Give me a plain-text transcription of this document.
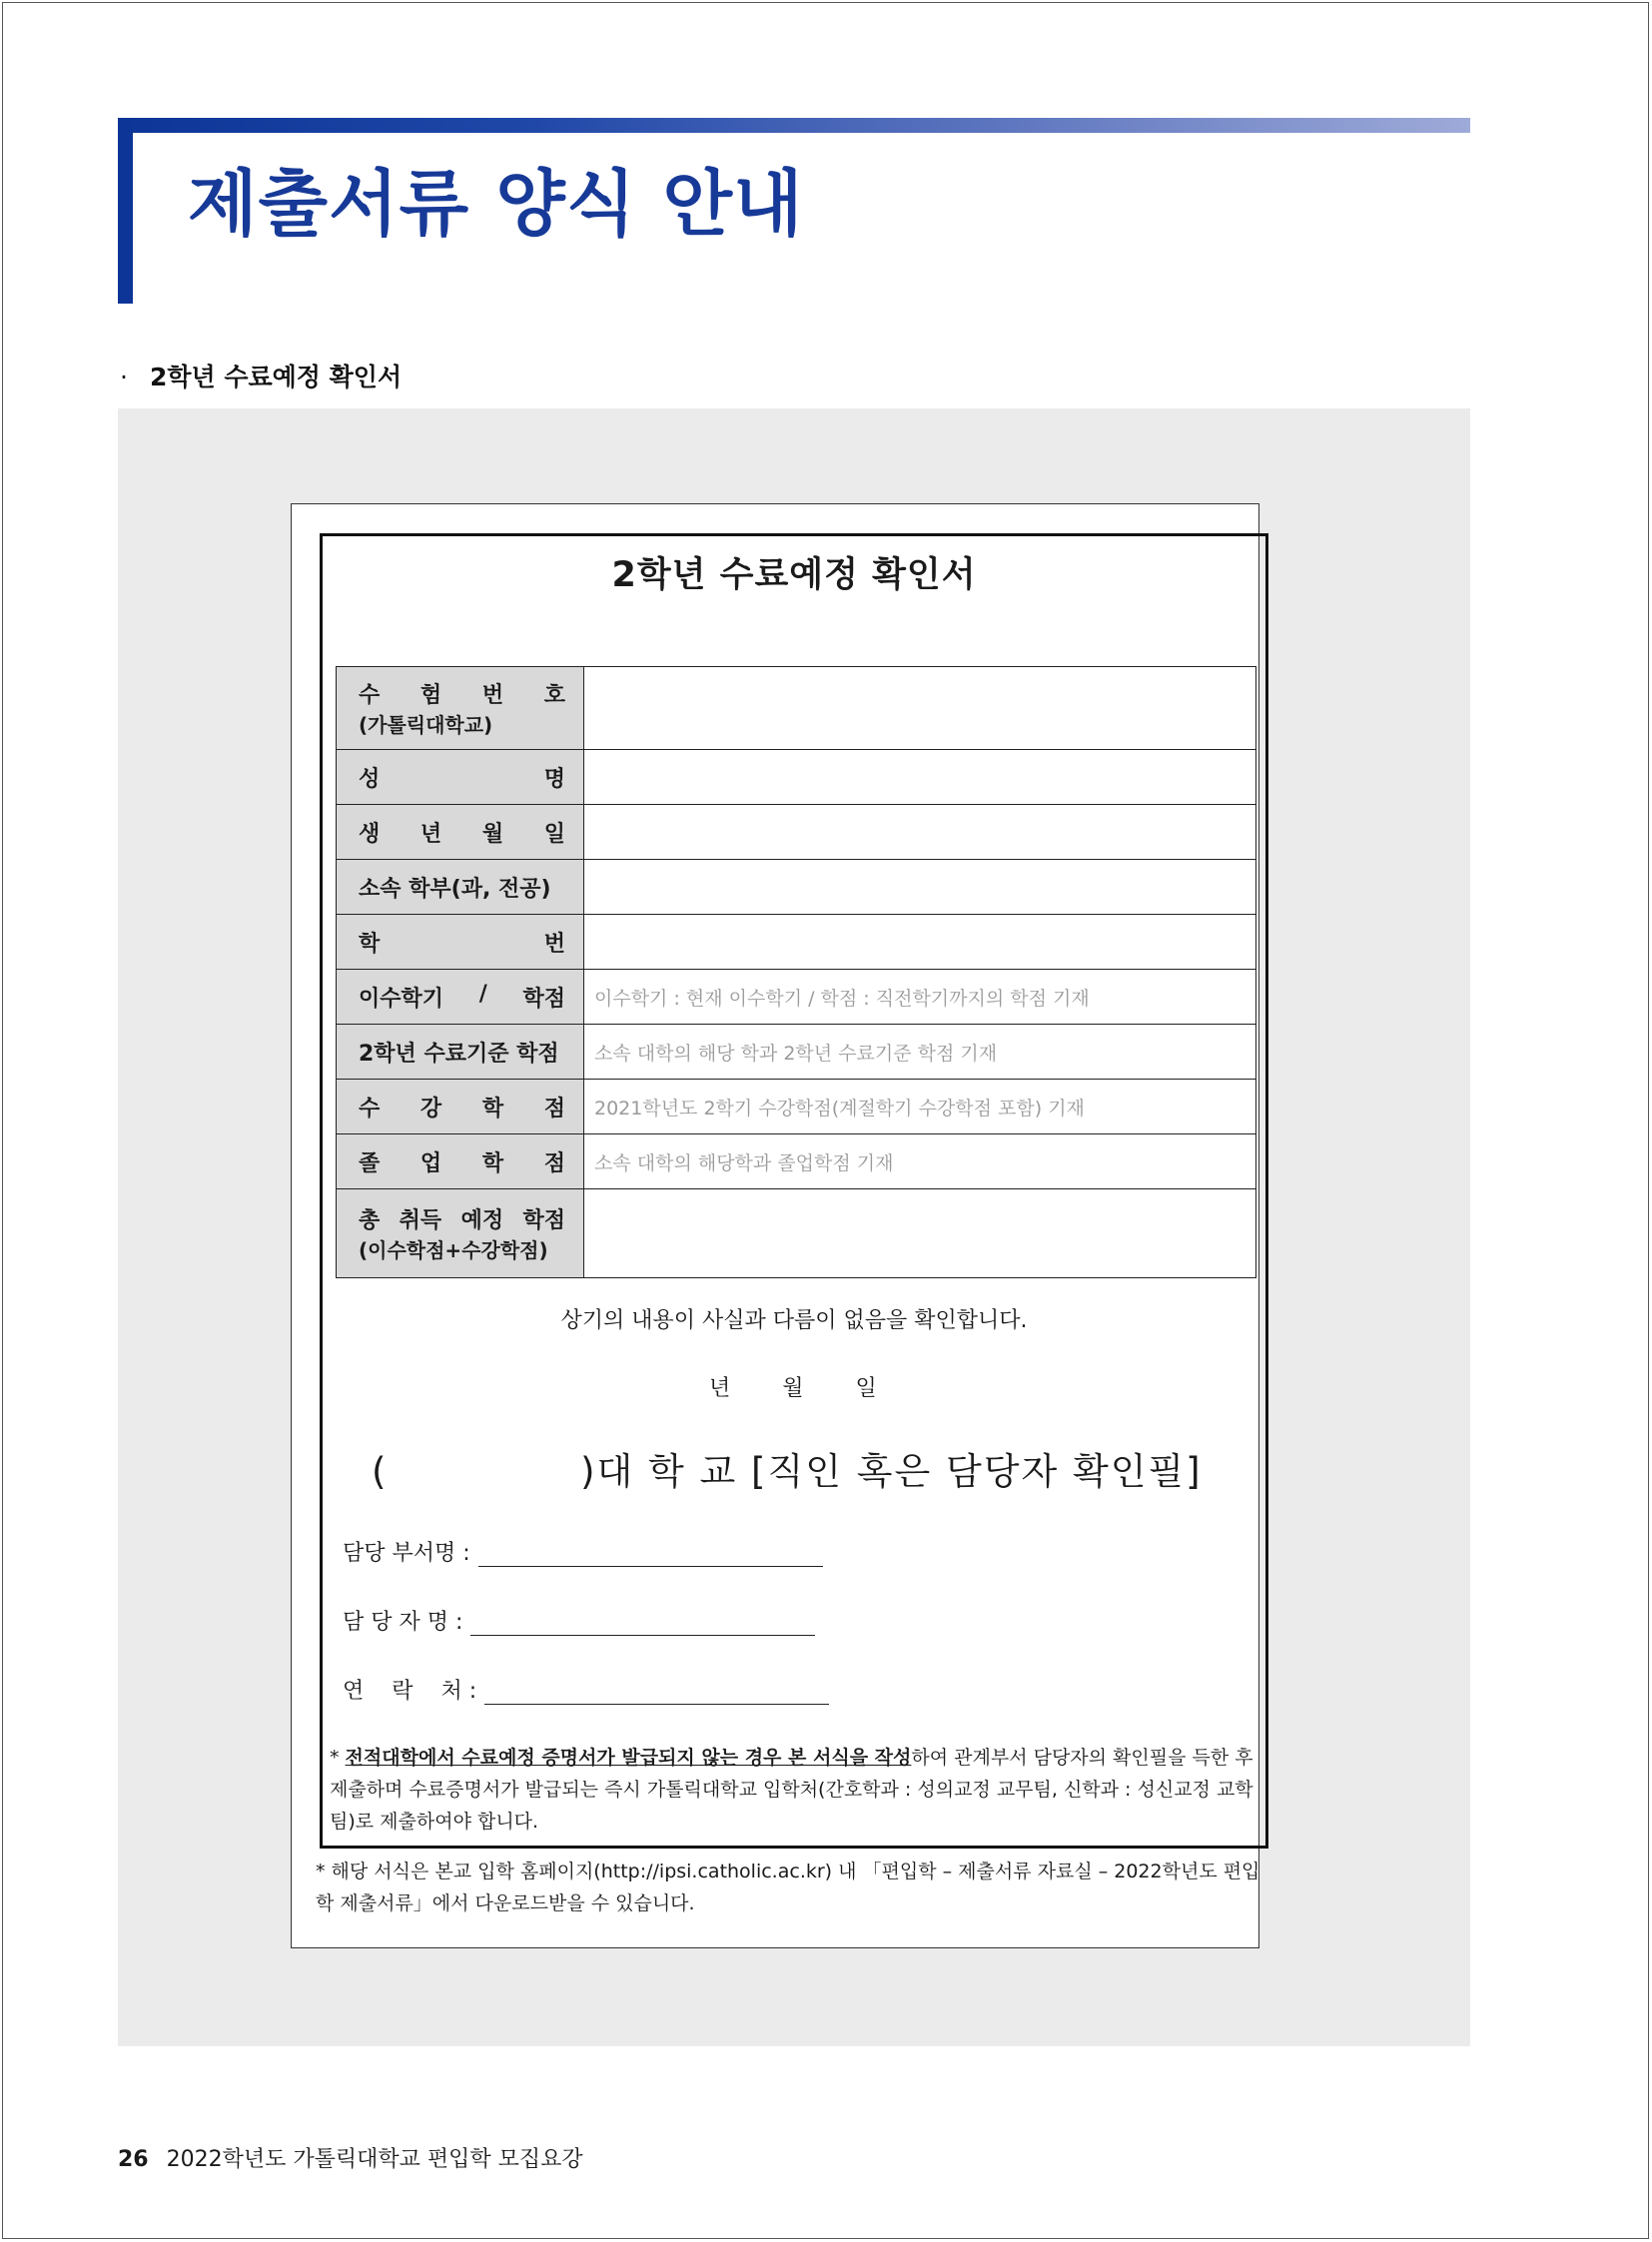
제출서류 양식 안내
· 2학년 수료예정 확인서
2학년 수료예정 확인서
수 험 번 호
(가톨릭대학교)	

성 명	

생 년 월 일	

소속 학부(과, 전공)	

학 번	

이수학기 / 학점	이수학기 : 현재 이수학기 / 학점 : 직전학기까지의 학점 기재
2학년 수료기준 학점	소속 대학의 해당 학과 2학년 수료기준 학점 기재

수 강 학 점	2021학년도 2학기 수강학점(계절학기 수강학점 포함) 기재

졸 업 학 점	소속 대학의 해당학과 졸업학점 기재

총 취득 예정 학점
(이수학점+수강학점)	

상기의 내용이 사실과 다름이 없음을 확인합니다.
년 월 일
(              )대 학 교 [직인 혹은 담당자 확인필]
담당 부서명 :
담 당 자 명 :
연    락    처 :
* 전적대학에서 수료예정 증명서가 발급되지 않는 경우 본 서식을 작성하여 관계부서 담당자의 확인필을 득한 후 제출하며 수료증명서가 발급되는 즉시 가톨릭대학교 입학처(간호학과 : 성의교정 교무팀, 신학과 : 성신교정 교학팀)로 제출하여야 합니다.
* 해당 서식은 본교 입학 홈페이지(http://ipsi.catholic.ac.kr) 내 「편입학 – 제출서류 자료실 – 2022학년도 편입학 제출서류」에서 다운로드받을 수 있습니다.
26 2022학년도 가톨릭대학교 편입학 모집요강
